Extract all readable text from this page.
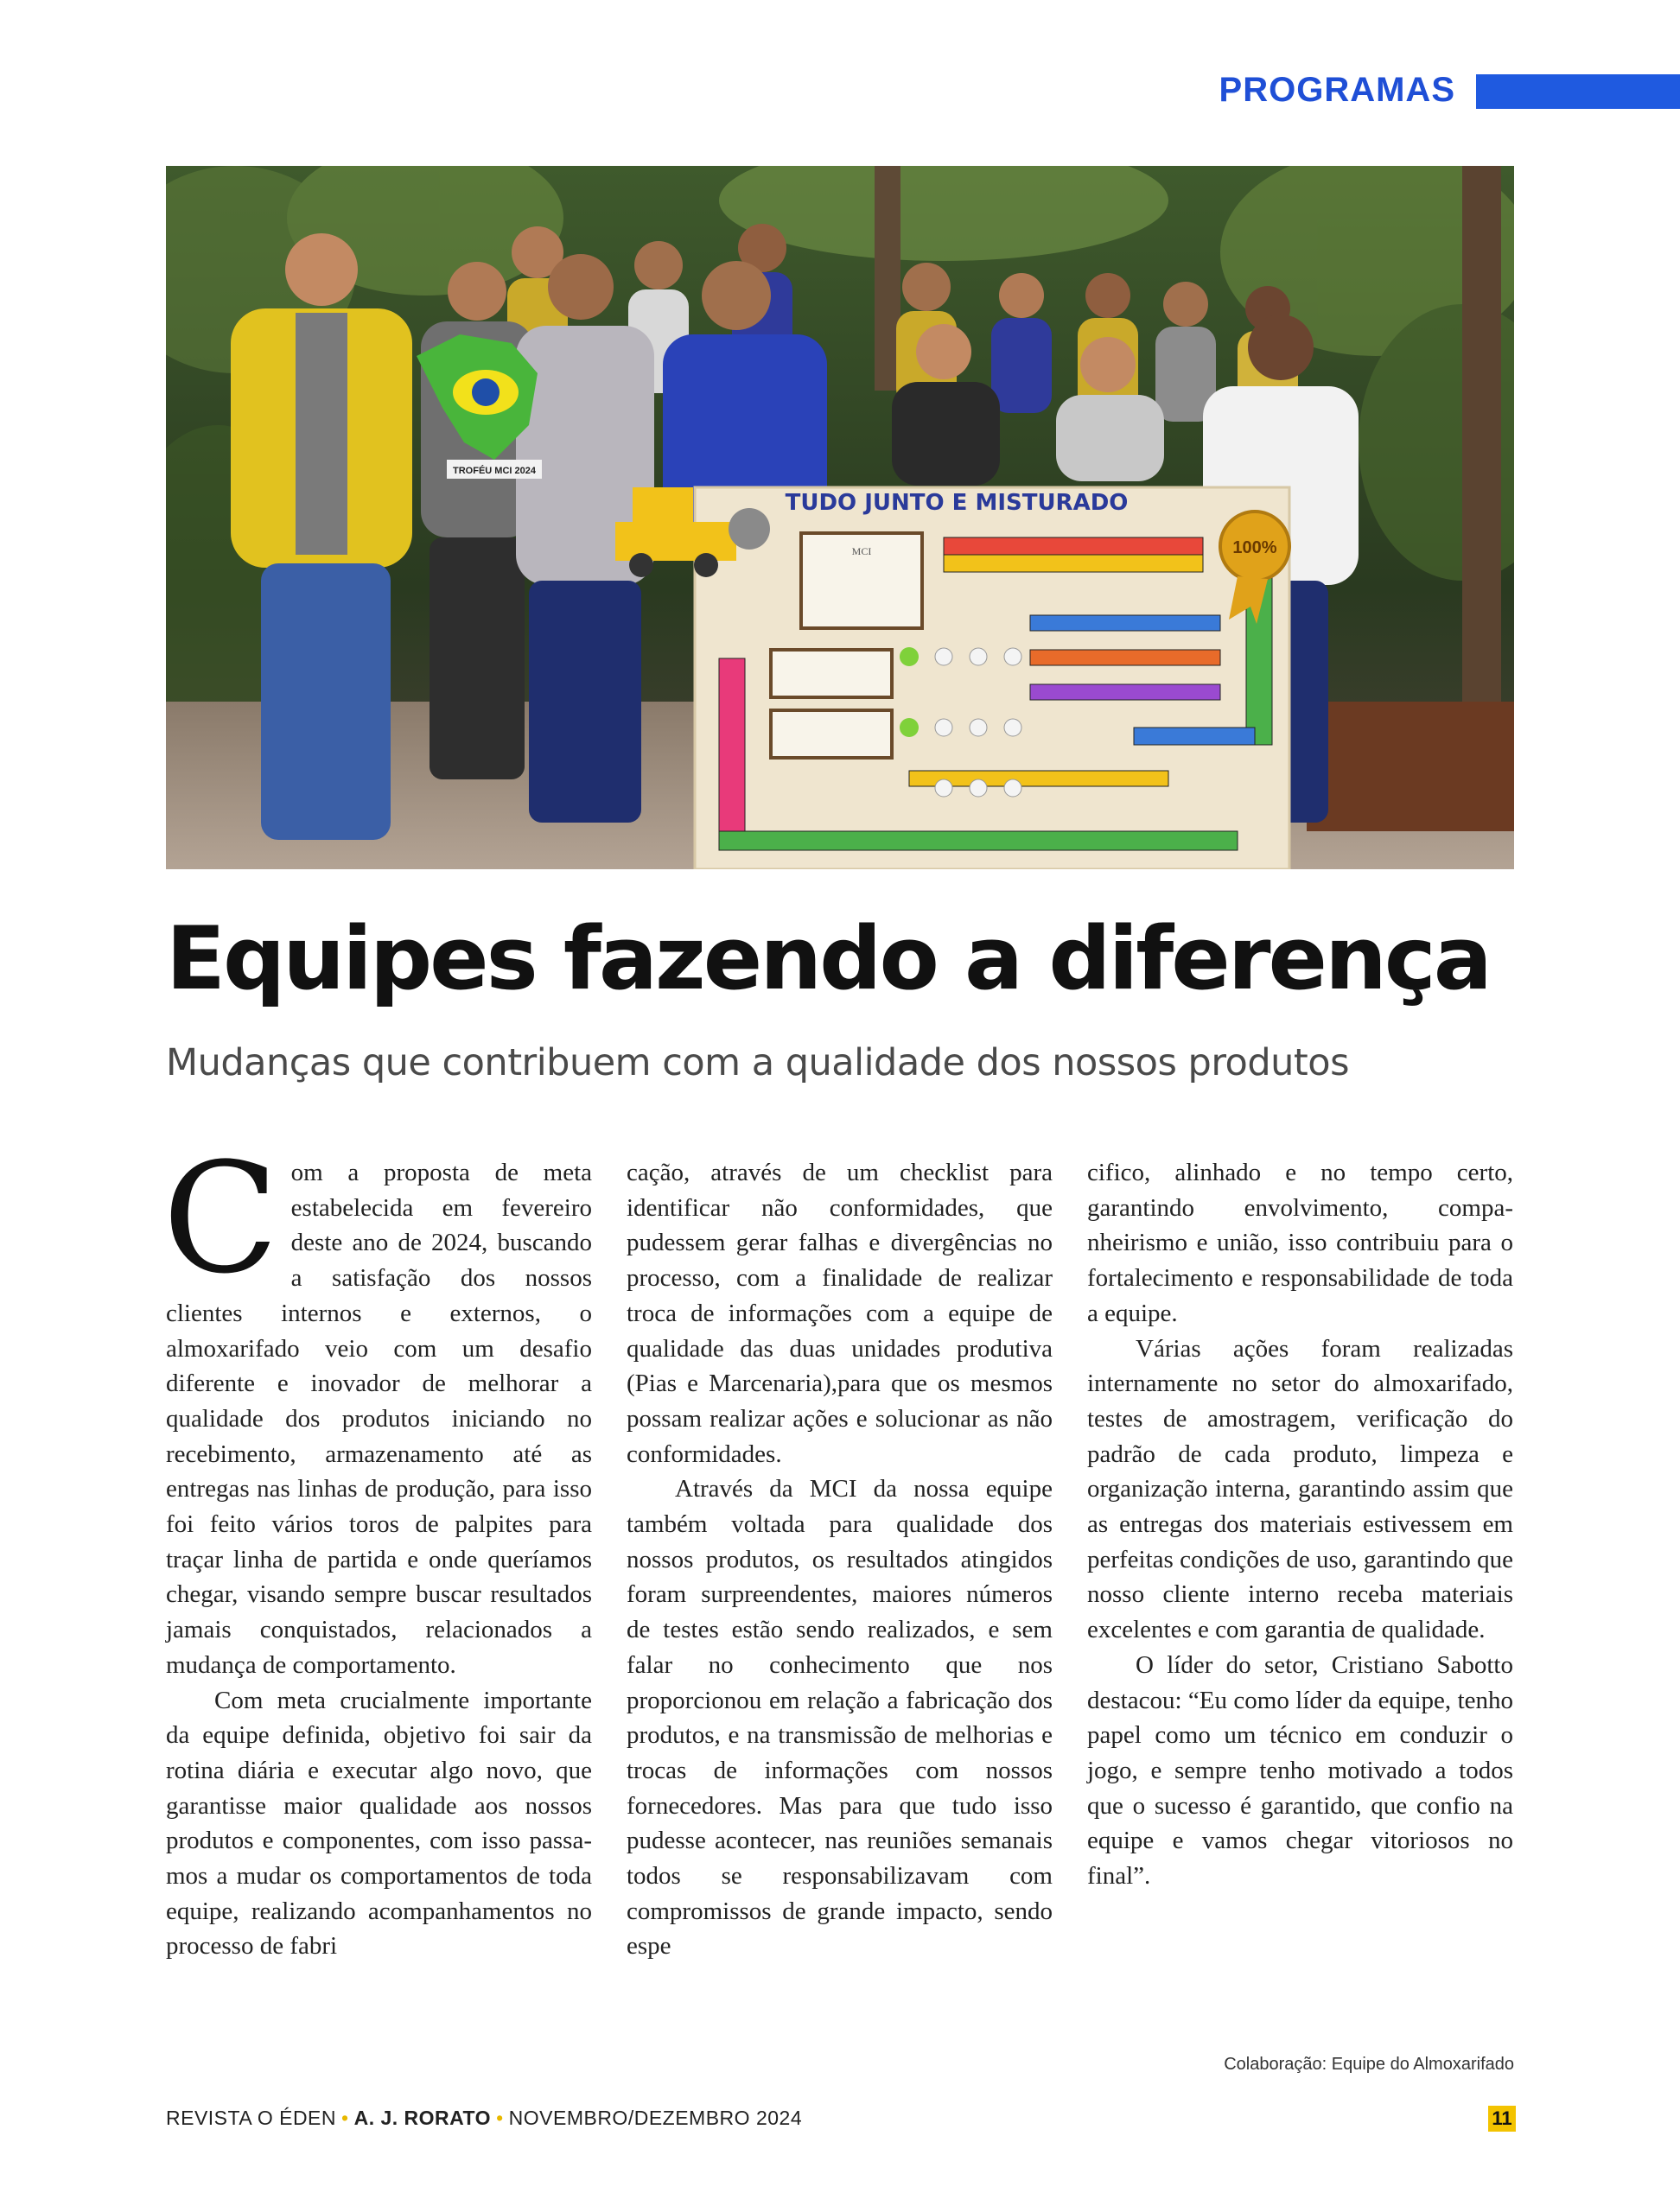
PROGRAMAS
TROFÉU MCI 2024
TUDO JUNTO E MISTURADO
MCI	100%
Equipes fazendo a diferença
Mudanças que contribuem com a qualidade dos nossos produtos

Com a proposta de meta estabelecida em fevereiro deste ano de 2024, buscando a satisfação dos nossos clientes internos e externos, o almoxarifado veio com um desafio diferente e inovador de melhorar a qualidade dos produtos iniciando no recebimento, armazenamento até as entregas nas linhas de produção, para isso foi feito vários toros de palpites para traçar linha de partida e onde queríamos chegar, visando sempre buscar resultados jamais conquistados, relacionados a mudança de comportamento.

Com meta crucialmente importante da equipe definida, objetivo foi sair da rotina diária e executar algo novo, que garantisse maior qualidade aos nossos produtos e componentes, com isso passamos a mudar os comportamentos de toda equipe, realizando acompanhamentos no processo de fabri

cação, através de um checklist para identificar não conformidades, que pudessem gerar falhas e divergências no processo, com a finalidade de realizar troca de informações com a equipe de qualidade das duas unidades produtiva (Pias e Marcenaria),para que os mesmos possam realizar ações e solucionar as não conformidades.

Através da MCI da nossa equipe também voltada para qualidade dos nossos produtos, os resultados atingidos foram surpreendentes, maiores números de testes estão sendo realizados, e sem falar no conhecimento que nos proporcionou em relação a fabricação dos produtos, e na transmissão de melhorias e trocas de informações com nossos fornecedores. Mas para que tudo isso pudesse acontecer, nas reuniões semanais todos se responsabilizavam com compromissos de grande impacto, sendo espe

cifico, alinhado e no tempo certo, garantindo envolvimento, companheirismo e união, isso contribuiu para o fortalecimento e responsabilidade de toda a equipe.

Várias ações foram realizadas internamente no setor do almoxarifado, testes de amostragem, verificação do padrão de cada produto, limpeza e organização interna, garantindo assim que as entregas dos materiais estivessem em perfeitas condições de uso, garantindo que nosso cliente interno receba materiais excelentes e com garantia de qualidade.

O líder do setor, Cristiano Sabotto destacou: “Eu como líder da equipe, tenho papel como um técnico em conduzir o jogo, e sempre tenho motivado a todos que o sucesso é garantido, que confio na equipe e vamos chegar vitoriosos no final”.

Colaboração: Equipe do Almoxarifado
REVISTA O ÉDEN • A. J. RORATO • NOVEMBRO/DEZEMBRO 2024	11
